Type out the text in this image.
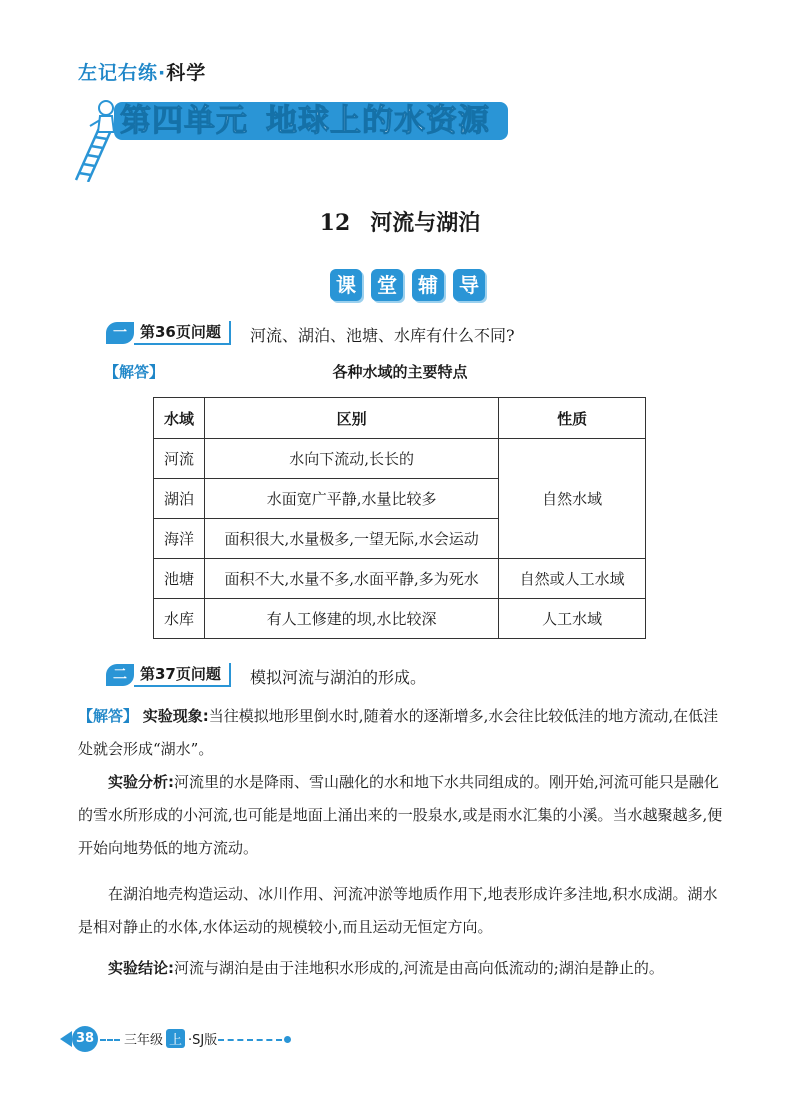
左记右练·科学
第四单元 地球上的水资源
12 河流与湖泊
课	堂	辅	导
一 第36页问题	河流、湖泊、池塘、水库有什么不同?
【解答】	各种水域的主要特点
水域	区别	性质
河流	水向下流动,长长的	自然水域
湖泊	水面宽广平静,水量比较多	
海洋	面积很大,水量极多,一望无际,水会运动	
池塘	面积不大,水量不多,水面平静,多为死水	自然或人工水域
水库	有人工修建的坝,水比较深	人工水域
二 第37页问题	模拟河流与湖泊的形成。
【解答】 实验现象:当往模拟地形里倒水时,随着水的逐渐增多,水会往比较低洼的地方流动,在低洼处就会形成“湖水”。
实验分析:河流里的水是降雨、雪山融化的水和地下水共同组成的。刚开始,河流可能只是融化的雪水所形成的小河流,也可能是地面上涌出来的一股泉水,或是雨水汇集的小溪。当水越聚越多,便开始向地势低的地方流动。
在湖泊地壳构造运动、冰川作用、河流冲淤等地质作用下,地表形成许多洼地,积水成湖。湖水是相对静止的水体,水体运动的规模较小,而且运动无恒定方向。
实验结论:河流与湖泊是由于洼地积水形成的,河流是由高向低流动的;湖泊是静止的。
38	三年级 上 ·SJ版
